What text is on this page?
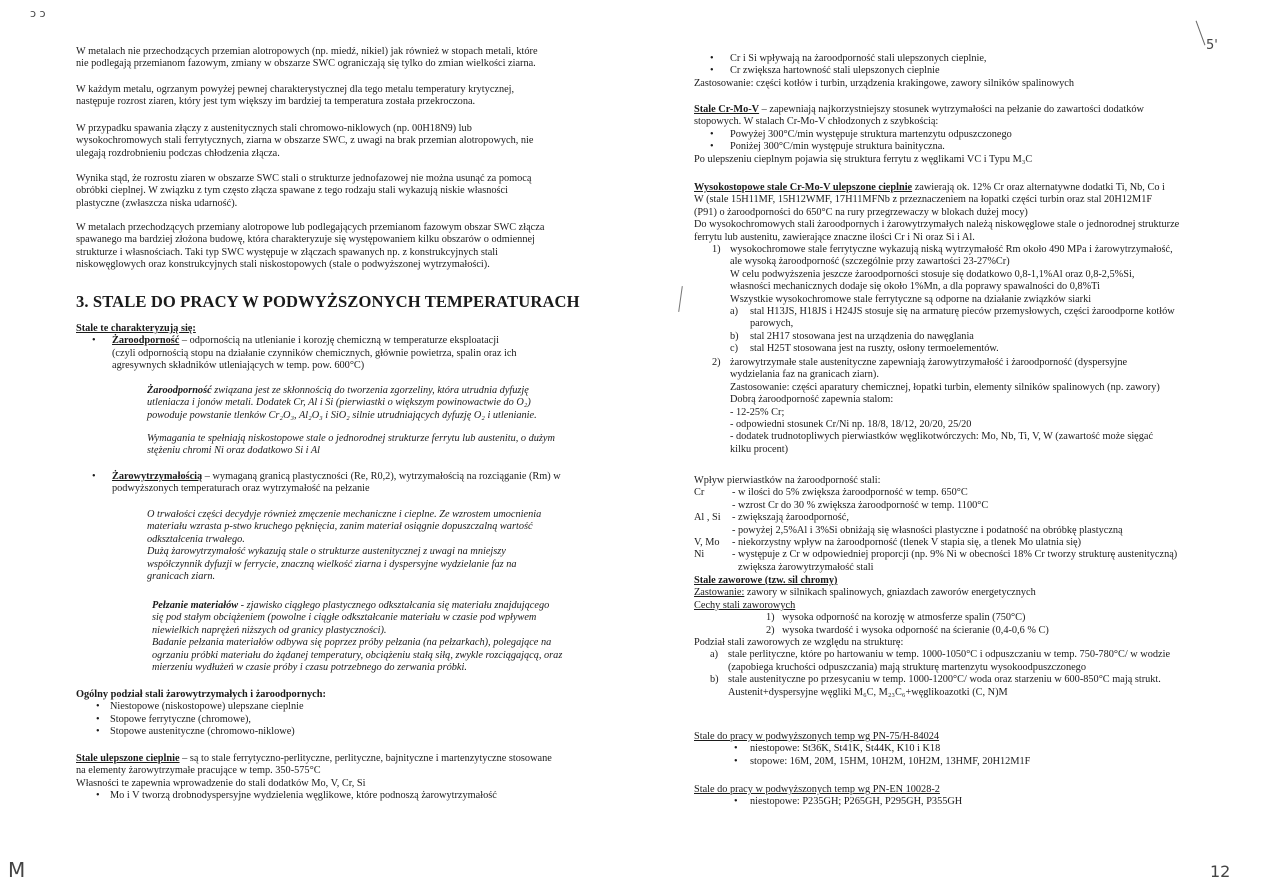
ɔ ɔ
5'
M	12

W metalach nie przechodzących przemian alotropowych (np. miedź, nikiel) jak również w stopach metali, które

nie podlegają przemianom fazowym, zmiany w obszarze SWC ograniczają się tylko do zmian wielkości ziarna.

W każdym metalu, ogrzanym powyżej pewnej charakterystycznej dla tego metalu temperatury krytycznej,

następuje rozrost ziaren, który jest tym większy im bardziej ta temperatura została przekroczona.

W przypadku spawania złączy z austenitycznych stali chromowo-niklowych (np. 00H18N9) lub

wysokochromowych stali ferrytycznych, ziarna w obszarze SWC, z uwagi na brak przemian alotropowych, nie

ulegają rozdrobnieniu podczas chłodzenia złącza.

Wynika stąd, że rozrostu ziaren w obszarze SWC stali o strukturze jednofazowej nie można usunąć za pomocą

obróbki cieplnej. W związku z tym często złącza spawane z tego rodzaju stali wykazują niskie własności

plastyczne (zwłaszcza niska udarność).

W metalach przechodzących przemiany alotropowe lub podlegających przemianom fazowym obszar SWC złącza

spawanego ma bardziej złożona budowę, która charakteryzuje się występowaniem kilku obszarów o odmiennej

strukturze i własnościach. Taki typ SWC występuje w złączach spawanych np. z konstrukcyjnych stali

niskowęglowych oraz konstrukcyjnych stali niskostopowych (stale o podwyższonej wytrzymałości).

3. STALE DO PRACY W PODWYŻSZONYCH TEMPERATURACH

Stale te charakteryzują się:

• Żaroodporność – odpornością na utlenianie i korozję chemiczną w temperaturze eksploatacji

(czyli odpornością stopu na działanie czynników chemicznych, głównie powietrza, spalin oraz ich

agresywnych składników utleniających w temp. pow. 600°C)

Żaroodporność związana jest ze skłonnością do tworzenia zgorzeliny, która utrudnia dyfuzję

utleniacza i jonów metali. Dodatek Cr, Al i Si (pierwiastki o większym powinowactwie do O₂)

powoduje powstanie tlenków Cr₂O₃, Al₂O₃ i SiO₂ silnie utrudniających dyfuzję O₂ i utlenianie.

Wymagania te spełniają niskostopowe stale o jednorodnej strukturze ferrytu lub austenitu, o dużym

stężeniu chromi Ni oraz dodatkowo Si i Al

• Żarowytrzymałością – wymaganą granicą plastyczności (Re, R0,2), wytrzymałością na rozciąganie (Rm) w

podwyższonych temperaturach oraz wytrzymałość na pełzanie

O trwałości części decydyje również zmęczenie mechaniczne i cieplne. Ze wzrostem umocnienia

materiału wzrasta p-stwo kruchego pęknięcia, zanim materiał osiągnie dopuszczalną wartość

odkształcenia trwałego.

Dużą żarowytrzymałość wykazują stale o strukturze austenitycznej z uwagi na mniejszy

współczynnik dyfuzji w ferrycie, znaczną wielkość ziarna i dyspersyjne wydzielanie faz na

granicach ziarn.

Pełzanie materiałów - zjawisko ciągłego plastycznego odkształcania się materiału znajdującego

się pod stałym obciążeniem (powolne i ciągłe odkształcanie materiału w czasie pod wpływem

niewielkich naprężeń niższych od granicy plastyczności).

Badanie pełzania materiałów odbywa się poprzez próby pełzania (na pełzarkach), polegające na

ogrzaniu próbki materiału do żądanej temperatury, obciążeniu stałą siłą, zwykle rozciągającą, oraz

mierzeniu wydłużeń w czasie próby i czasu potrzebnego do zerwania próbki.

Ogólny podział stali żarowytrzymałych i żaroodpornych:

• Niestopowe (niskostopowe) ulepszane cieplnie
• Stopowe ferrytyczne (chromowe),
• Stopowe austenityczne (chromowo-niklowe)

Stale ulepszone cieplnie – są to stale ferrytyczno-perlityczne, perlityczne, bajnityczne i martenzytyczne stosowane

na elementy żarowytrzymałe pracujące w temp. 350-575°C

Własności te zapewnia wprowadzenie do stali dodatków Mo, V, Cr, Si

• Mo i V tworzą drobnodyspersyjne wydzielenia węglikowe, które podnoszą żarowytrzymałość
• Cr i Si wpływają na żaroodporność stali ulepszonych cieplnie,
• Cr zwiększa hartowność stali ulepszonych cieplnie

Zastosowanie: części kotłów i turbin, urządzenia krakingowe, zawory silników spalinowych

Stale Cr-Mo-V – zapewniają najkorzystniejszy stosunek wytrzymałości na pełzanie do zawartości dodatków

stopowych. W stalach Cr-Mo-V chłodzonych z szybkością:

• Powyżej 300°C/min występuje struktura martenzytu odpuszczonego
• Poniżej 300°C/min występuje struktura bainityczna.

Po ulepszeniu cieplnym pojawia się struktura ferrytu z węglikami VC i Typu M₃C

Wysokostopowe stale Cr-Mo-V ulepszone cieplnie zawierają ok. 12% Cr oraz alternatywne dodatki Ti, Nb, Co i

W (stale 15H11MF, 15H12WMF, 17H11MFNb z przeznaczeniem na łopatki części turbin oraz stal 20H12M1F

(P91) o żaroodporności do 650°C na rury przegrzewaczy w blokach dużej mocy)

Do wysokochromowych stali żaroodpornych i żarowytrzymałych należą niskowęglowe stale o jednorodnej strukturze

ferrytu lub austenitu, zawierające znaczne ilości Cr i Ni oraz Si i Al.

1) wysokochromowe stale ferrytyczne wykazują niską wytrzymałość Rm około 490 MPa i żarowytrzymałość,

ale wysoką żaroodporność (szczególnie przy zawartości 23-27%Cr)

W celu podwyższenia jeszcze żaroodporności stosuje się dodatkowo 0,8-1,1%Al oraz 0,8-2,5%Si,

własności mechanicznych dodaje się około 1%Mn, a dla poprawy spawalności do 0,8%Ti

Wszystkie wysokochromowe stale ferrytyczne są odporne na działanie związków siarki

a) stal H13JS, H18JS i H24JS stosuje się na armaturę pieców przemysłowych, części żaroodporne kotłów
parowych,
b) stal 2H17 stosowana jest na urządzenia do nawęglania
c) stal H25T stosowana jest na ruszty, osłony termoelementów.
2) żarowytrzymałe stale austenityczne zapewniają żarowytrzymałość i żaroodporność (dyspersyjne

wydzielania faz na granicach ziarn).

Zastosowanie: części aparatury chemicznej, łopatki turbin, elementy silników spalinowych (np. zawory)

Dobrą żaroodporność zapewnia stalom:

- 12-25% Cr;

- odpowiedni stosunek Cr/Ni np. 18/8, 18/12, 20/20, 25/20

- dodatek trudnotopliwych pierwiastków węglikotwórczych: Mo, Nb, Ti, V, W (zawartość może sięgać

kilku procent)

Wpływ pierwiastków na żaroodporność stali:

Cr	- w ilości do 5% zwiększa żaroodporność w temp. 650°C
- wzrost Cr do 30 % zwiększa żaroodporność w temp. 1100°C
Al , Si - zwiększają żaroodporność,
- powyżej 2,5%Al i 3%Si obniżają się własności plastyczne i podatność na obróbkę plastyczną
V, Mo - niekorzystny wpływ na żaroodporność (tlenek V stapia się, a tlenek Mo ulatnia się)
Ni	- występuje z Cr w odpowiedniej proporcji (np. 9% Ni w obecności 18% Cr tworzy strukturę austenityczną)
zwiększa żarowytrzymałość stali

Stale zaworowe (tzw. sil chromy)

Zastowanie: zawory w silnikach spalinowych, gniazdach zaworów energetycznych

Cechy stali zaworowych

1) wysoka odporność na korozję w atmosferze spalin (750°C)
2) wysoka twardość i wysoka odporność na ścieranie (0,4-0,6 % C)

Podział stali zaworowych ze względu na strukturę:

a) stale perlityczne, które po hartowaniu w temp. 1000-1050°C i odpuszczaniu w temp. 750-780°C/ w wodzie

(zapobiega kruchości odpuszczania) mają strukturę martenzytu wysokoodpuszczonego

b) stale austenityczne po przesycaniu w temp. 1000-1200°C/ woda oraz starzeniu w 600-850°C mają strukt.

Austenit+dyspersyjne węgliki M₆C, M₂₃C₆+węglikoazotki (C, N)M

Stale do pracy w podwyższonych temp wg PN-75/H-84024

• niestopowe: St36K, St41K, St44K, K10 i K18
• stopowe: 16M, 20M, 15HM, 10H2M, 10H2M, 13HMF, 20H12M1F

Stale do pracy w podwyższonych temp wg PN-EN 10028-2

• niestopowe: P235GH; P265GH, P295GH, P355GH
